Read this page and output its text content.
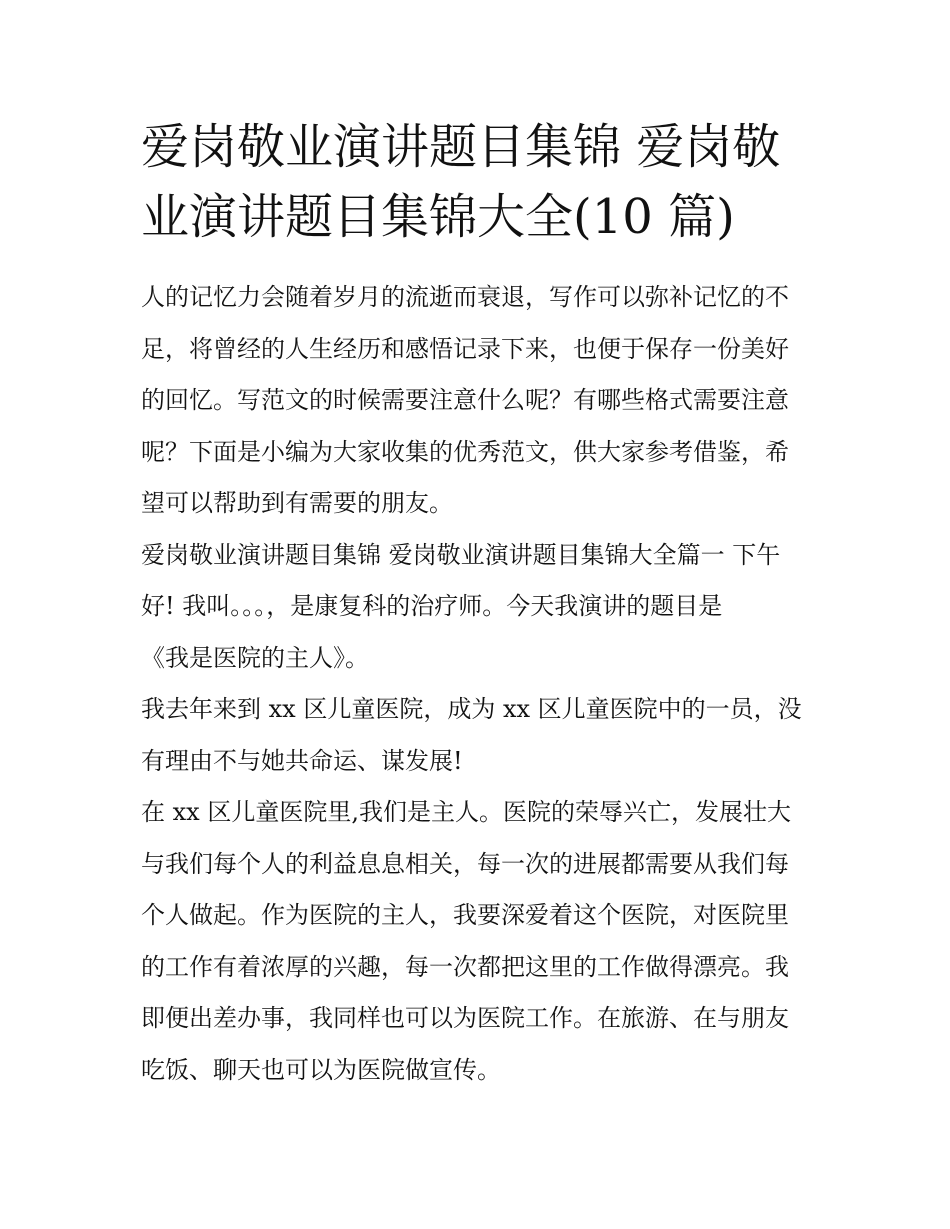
爱岗敬业演讲题目集锦 爱岗敬
业演讲题目集锦大全(10 篇)

人的记忆力会随着岁月的流逝而衰退，写作可以弥补记忆的不
足，将曾经的人生经历和感悟记录下来，也便于保存一份美好
的回忆。写范文的时候需要注意什么呢？有哪些格式需要注意
呢？下面是小编为大家收集的优秀范文，供大家参考借鉴，希
望可以帮助到有需要的朋友。

爱岗敬业演讲题目集锦 爱岗敬业演讲题目集锦大全篇一 下午
好! 我叫。。。，是康复科的治疗师。今天我演讲的题目是
《我是医院的主人》。

我去年来到 xx 区儿童医院，成为 xx 区儿童医院中的一员，没
有理由不与她共命运、谋发展!

在 xx 区儿童医院里,我们是主人。医院的荣辱兴亡，发展壮大
与我们每个人的利益息息相关，每一次的进展都需要从我们每
个人做起。作为医院的主人，我要深爱着这个医院，对医院里
的工作有着浓厚的兴趣，每一次都把这里的工作做得漂亮。我
即便出差办事，我同样也可以为医院工作。在旅游、在与朋友
吃饭、聊天也可以为医院做宣传。
